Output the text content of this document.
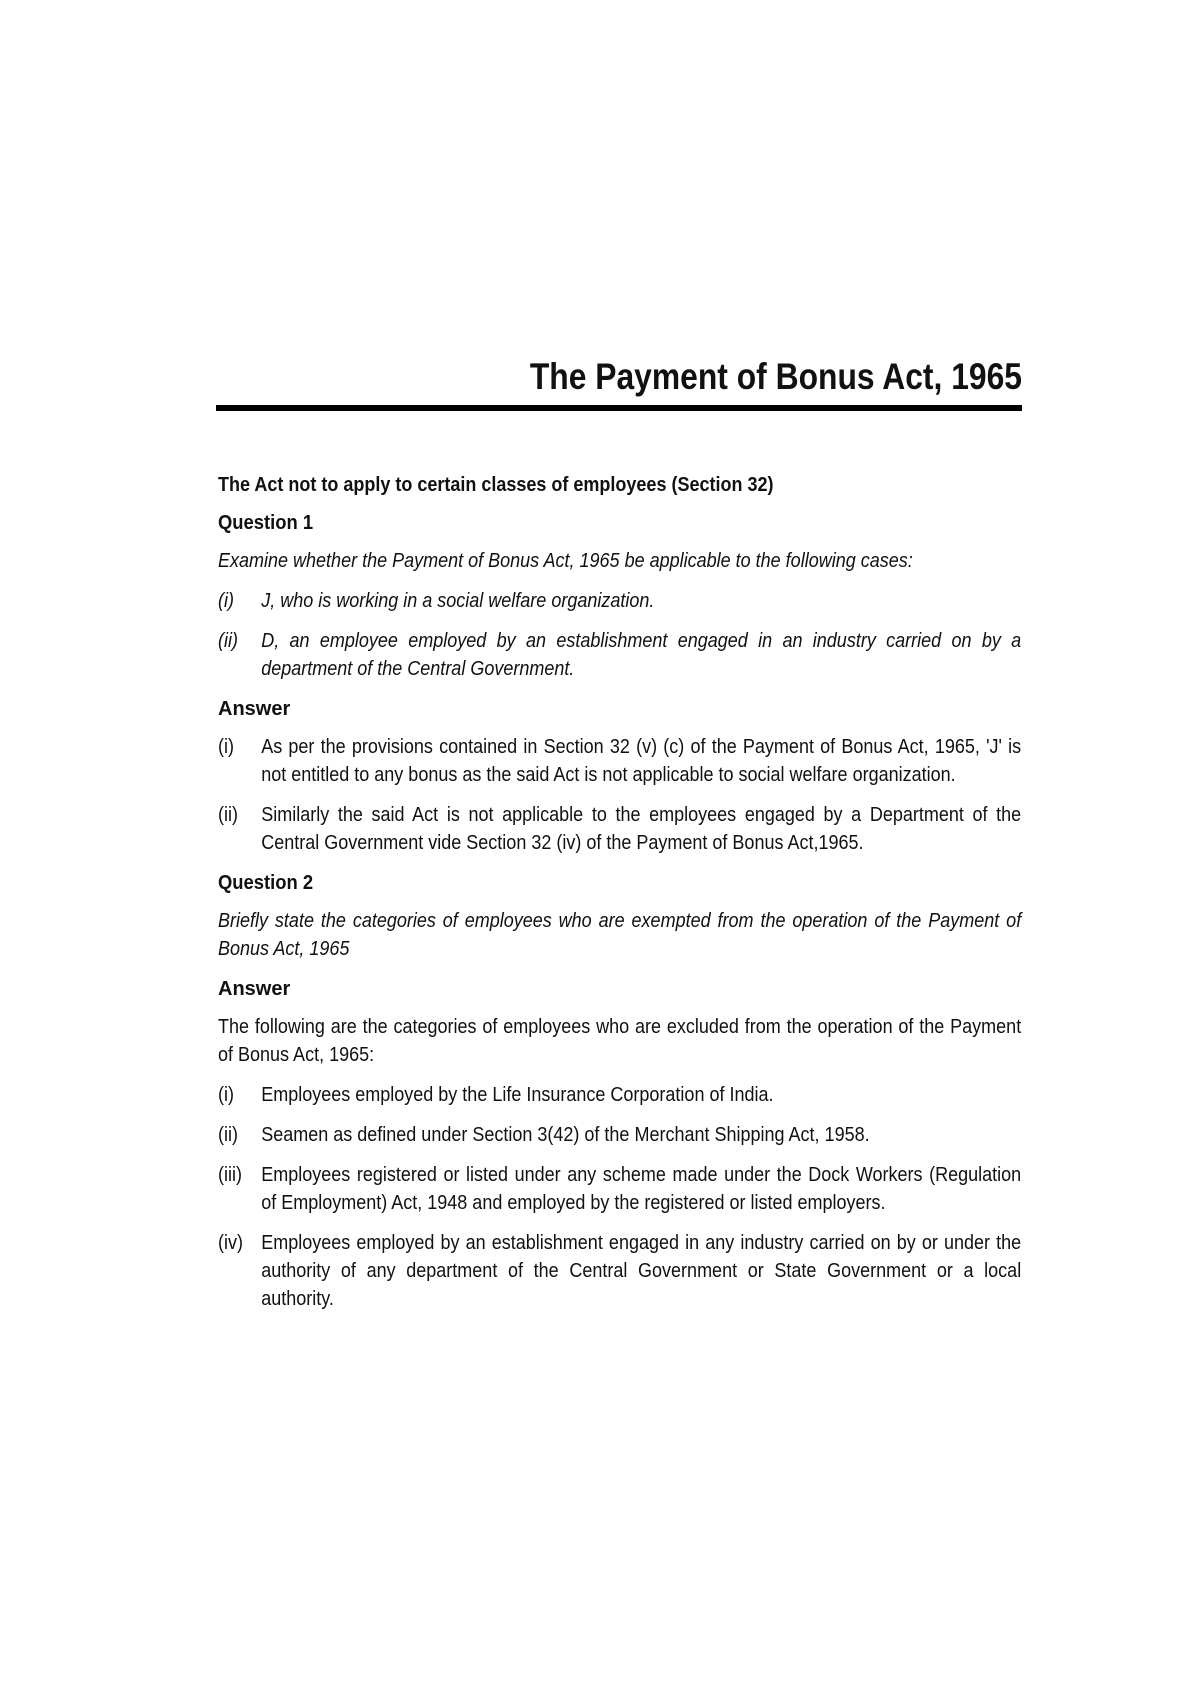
The Payment of Bonus Act, 1965
The Act not to apply to certain classes of employees (Section 32)
Question 1
Examine whether the Payment of Bonus Act, 1965 be applicable to the following cases:
(i)	J, who is working in a social welfare organization.
(ii)	D, an employee employed by an establishment engaged in an industry carried on by a department of the Central Government.
Answer
(i)	As per the provisions contained in Section 32 (v) (c) of the Payment of Bonus Act, 1965, 'J' is not entitled to any bonus as the said Act is not applicable to social welfare organization.
(ii)	Similarly the said Act is not applicable to the employees engaged by a Department of the Central Government vide Section 32 (iv) of the Payment of Bonus Act,1965.
Question 2
Briefly state the categories of employees who are exempted from the operation of the Payment of Bonus Act, 1965
Answer
The following are the categories of employees who are excluded from the operation of the Payment of Bonus Act, 1965:
(i)	Employees employed by the Life Insurance Corporation of India.
(ii)	Seamen as defined under Section 3(42) of the Merchant Shipping Act, 1958.
(iii) Employees registered or listed under any scheme made under the Dock Workers (Regulation of Employment) Act, 1948 and employed by the registered or listed employers.
(iv) Employees employed by an establishment engaged in any industry carried on by or under the authority of any department of the Central Government or State Government or a local authority.
